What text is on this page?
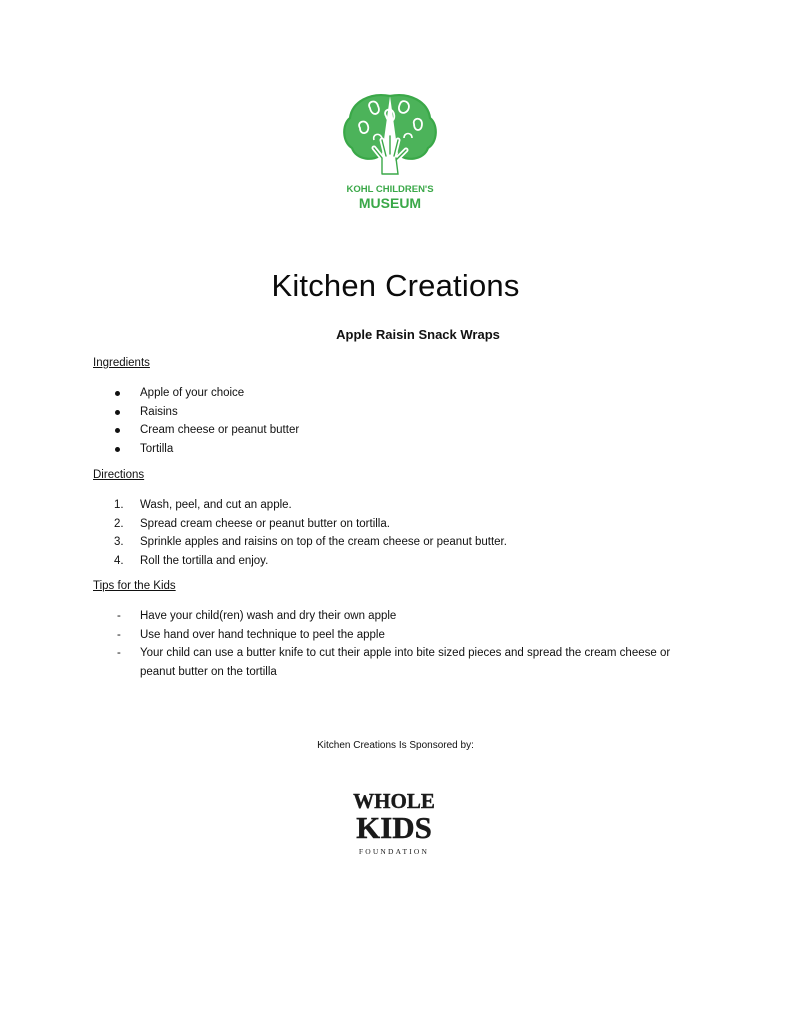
KOHL CHILDREN'S
MUSEUM
Kitchen Creations
Apple Raisin Snack Wraps
Ingredients
Apple of your choice
Raisins
Cream cheese or peanut butter
Tortilla
Directions
1. Wash, peel, and cut an apple.
2. Spread cream cheese or peanut butter on tortilla.
3. Sprinkle apples and raisins on top of the cream cheese or peanut butter.
4. Roll the tortilla and enjoy.
Tips for the Kids
- Have your child(ren) wash and dry their own apple
- Use hand over hand technique to peel the apple
- Your child can use a butter knife to cut their apple into bite sized pieces and spread the cream cheese or peanut butter on the tortilla
Kitchen Creations Is Sponsored by:
WHOLE
KIDS
FOUNDATION
